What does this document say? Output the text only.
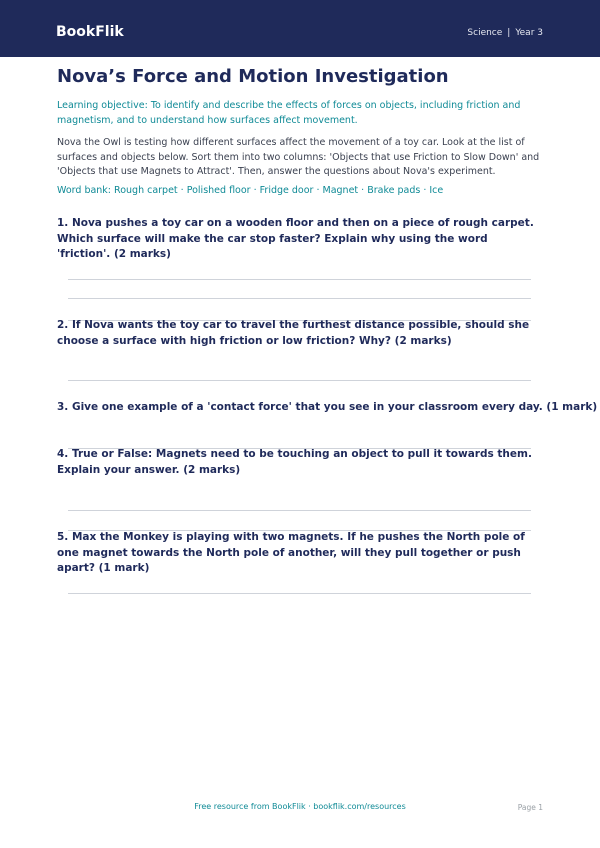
BookFlik	Science | Year 3
Nova’s Force and Motion Investigation

Learning objective: To identify and describe the effects of forces on objects, including friction and magnetism, and to understand how surfaces affect movement.

Nova the Owl is testing how different surfaces affect the movement of a toy car. Look at the list of surfaces and objects below. Sort them into two columns: 'Objects that use Friction to Slow Down' and 'Objects that use Magnets to Attract'. Then, answer the questions about Nova's experiment.

Word bank: Rough carpet · Polished floor · Fridge door · Magnet · Brake pads · Ice

1. Nova pushes a toy car on a wooden floor and then on a piece of rough carpet. Which surface will make the car stop faster? Explain why using the word 'friction'. (2 marks)

2. If Nova wants the toy car to travel the furthest distance possible, should she choose a surface with high friction or low friction? Why? (2 marks)

3. Give one example of a 'contact force' that you see in your classroom every day. (1 mark)

4. True or False: Magnets need to be touching an object to pull it towards them. Explain your answer. (2 marks)

5. Max the Monkey is playing with two magnets. If he pushes the North pole of one magnet towards the North pole of another, will they pull together or push apart? (1 mark)

Free resource from BookFlik · bookflik.com/resources	Page 1
